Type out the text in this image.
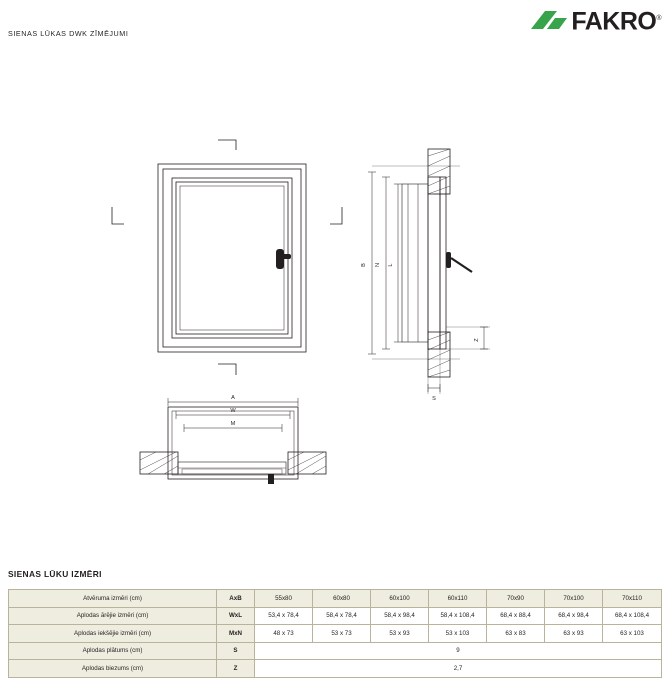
SIENAS LŪKAS DWK ZĪMĒJUMI	FAKRO®
B N L
Z
S
A
W
M
SIENAS LŪKU IZMĒRI
Atvēruma izmēri (cm)	AxB	55x80	60x80	60x100	60x110	70x90	70x100	70x110
Aplodas ārējie izmēri (cm)	WxL	53,4 x 78,4	58,4 x 78,4	58,4 x 98,4	58,4 x 108,4	68,4 x 88,4	68,4 x 98,4	68,4 x 108,4
Aplodas iekšējie izmēri (cm)	MxN	48 x 73	53 x 73	53 x 93	53 x 103	63 x 83	63 x 93	63 x 103
Aplodas plātums (cm)	S	9						
Aplodas biezums (cm)	Z	2,7						
